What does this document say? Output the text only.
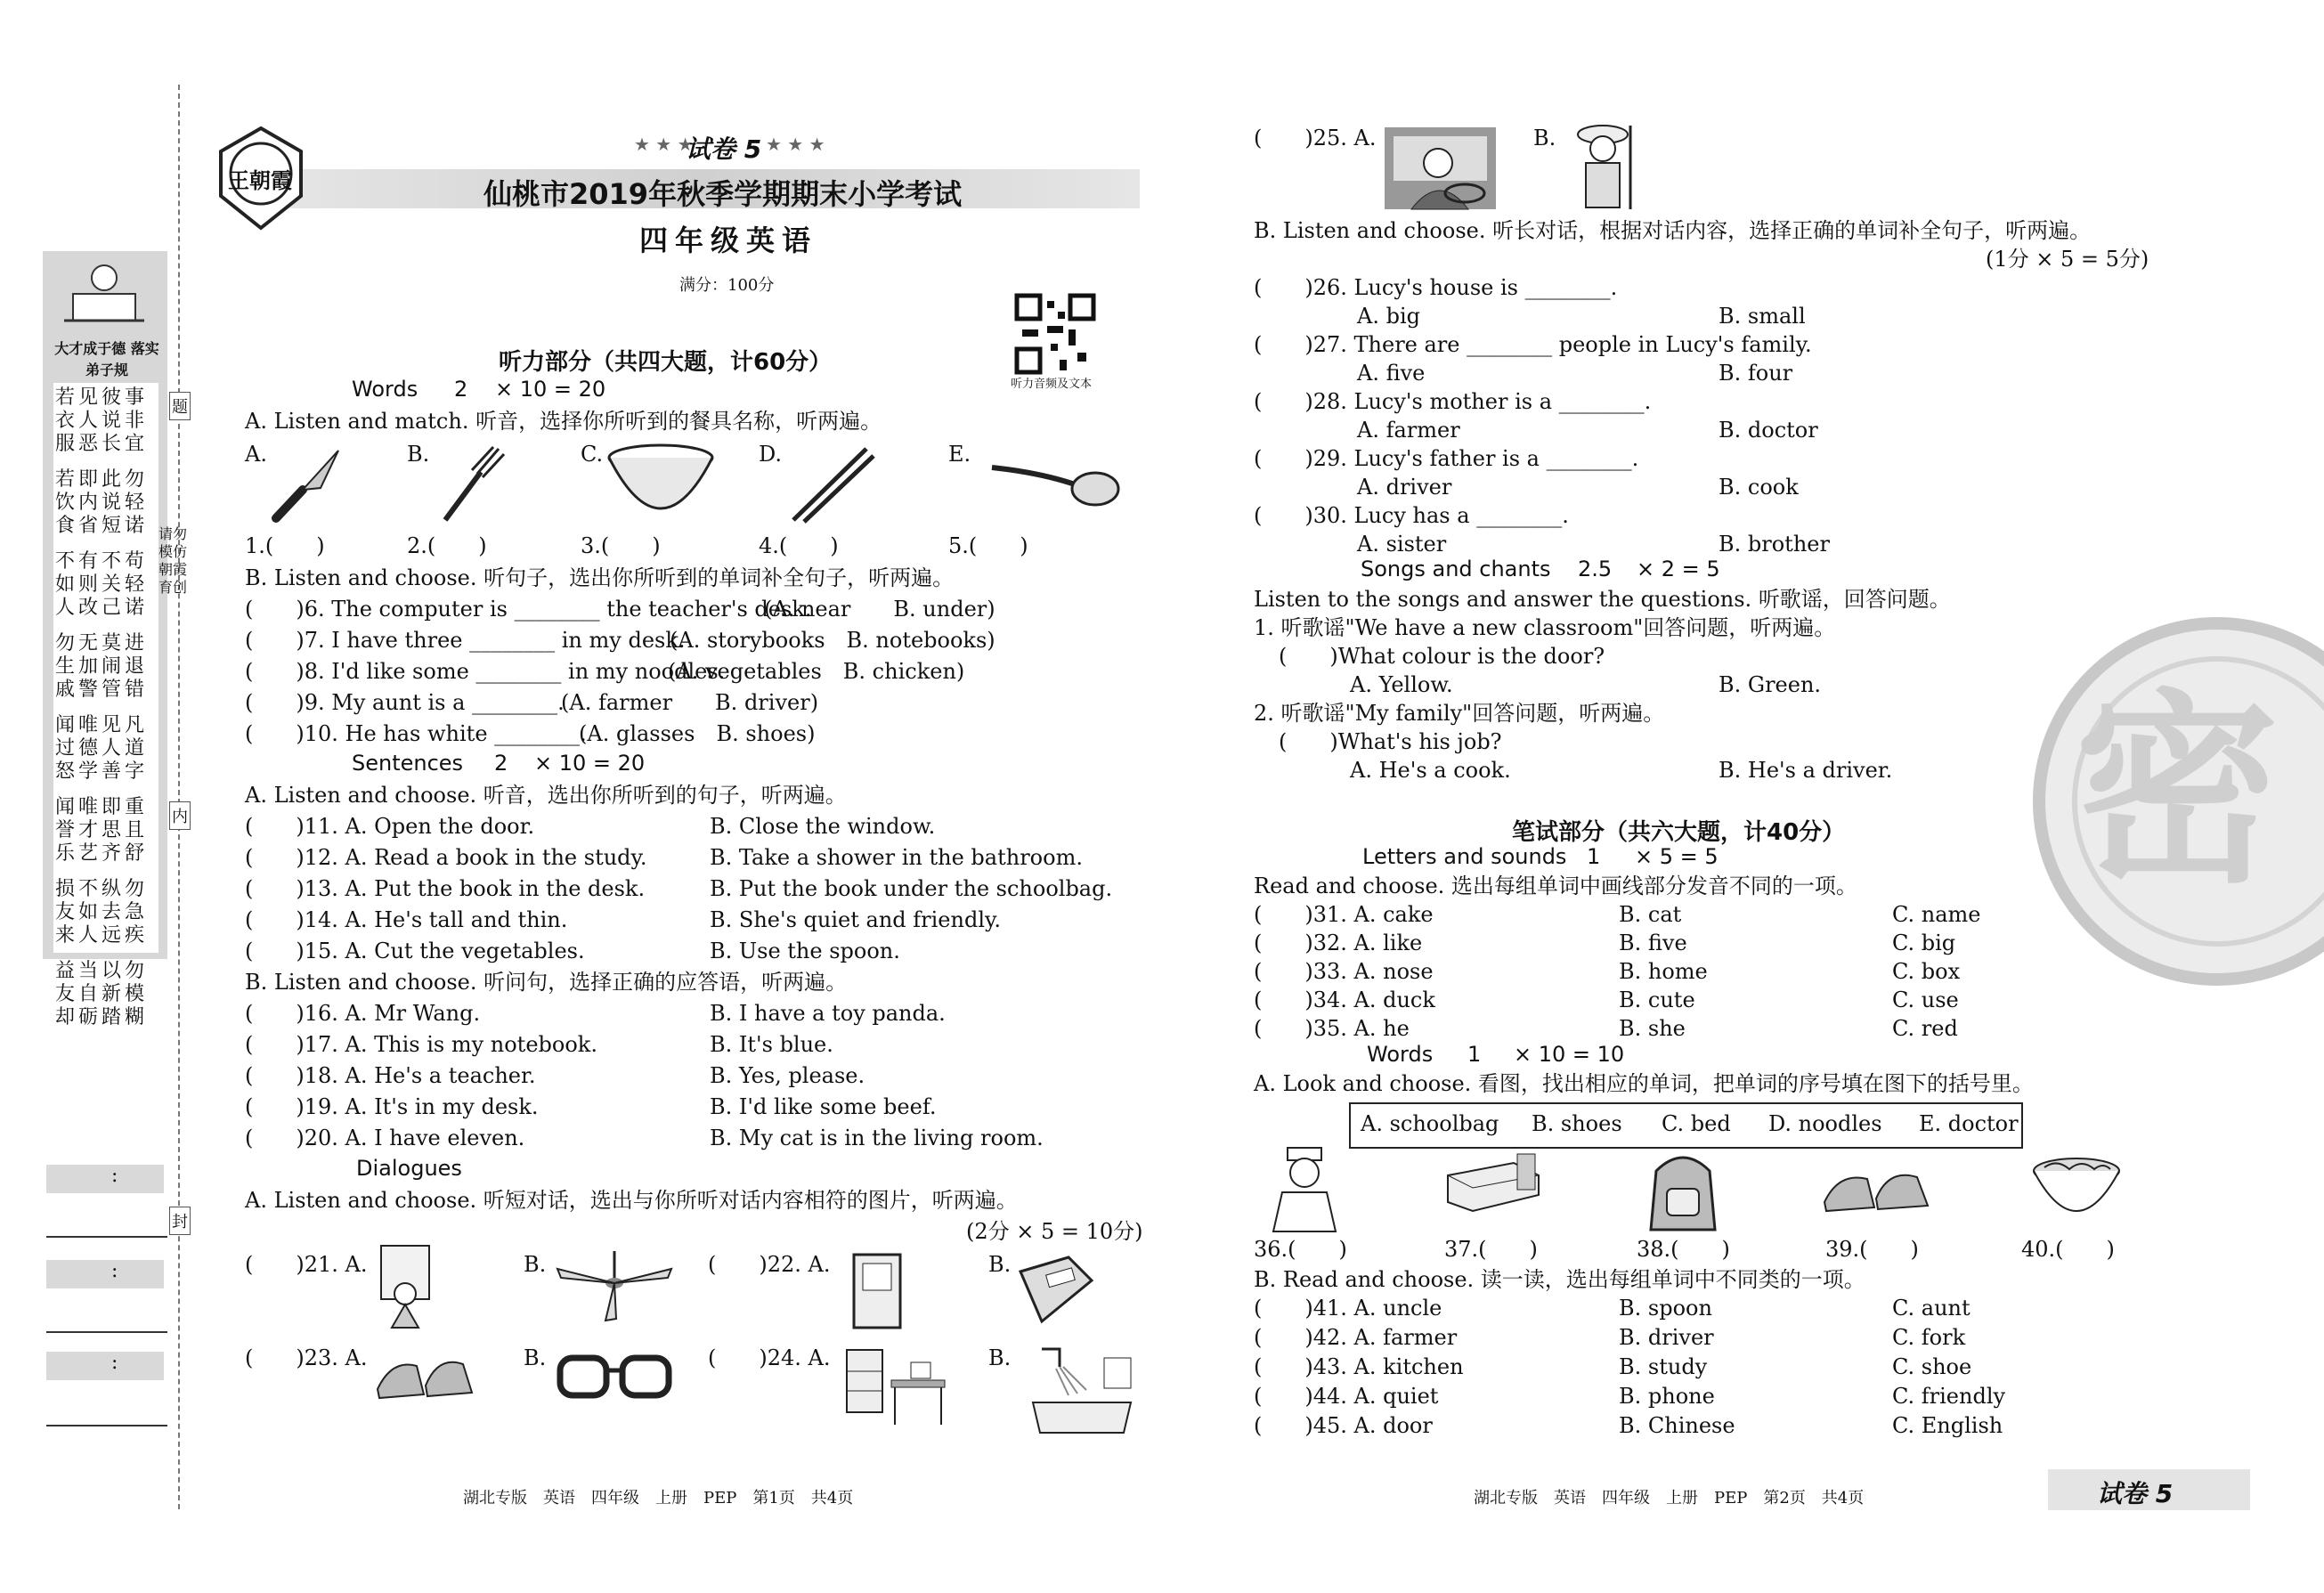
大才成于德 落实弟子规
若见彼事
衣人说非
服恶长宜
若即此勿
饮内说轻
食省短诺
不有不苟
如则关轻
人改己诺
勿无莫进
生加闹退
戚警管错
闻唯见凡
过德人道
怒学善字
闻唯即重
誉才思且
乐艺齐舒
损不纵勿
友如去急
来人远疾
益当以勿
友自新模
却砺踏糊
题
请勿模仿 朝霞育创
内
封
:
:
:
王朝霞
★ ★ ★
试卷 5 ★ ★ ★
仙桃市2019年秋季学期期末小学考试
四年级英语
满分：100分
听力音频及文本
听力部分（共四大题，计60分）
Words 2 × 10 = 20
A. Listen and match. 听音，选择你所听到的餐具名称，听两遍。
A.	B.	C.	D.	E.
1.(　　)	2.(　　)	3.(　　)	4.(　　)	5.(　　)
B. Listen and choose. 听句子，选出你所听到的单词补全句子，听两遍。
(　　)6. The computer is ________ the teacher's desk.
(A. near　　B. under)
(　　)7. I have three ________ in my desk.
(A. storybooks　B. notebooks)
(　　)8. I'd like some ________ in my noodles.
(A. vegetables　B. chicken)
(　　)9. My aunt is a ________.
(A. farmer　　B. driver)
(　　)10. He has white ________.
(A. glasses　B. shoes)
Sentences 2 × 10 = 20
A. Listen and choose. 听音，选出你所听到的句子，听两遍。
(　　)11. A. Open the door.	B. Close the window.
(　　)12. A. Read a book in the study.	B. Take a shower in the bathroom.
(　　)13. A. Put the book in the desk.	B. Put the book under the schoolbag.
(　　)14. A. He's tall and thin.	B. She's quiet and friendly.
(　　)15. A. Cut the vegetables.	B. Use the spoon.
B. Listen and choose. 听问句，选择正确的应答语，听两遍。
(　　)16. A. Mr Wang.	B. I have a toy panda.
(　　)17. A. This is my notebook.	B. It's blue.
(　　)18. A. He's a teacher.	B. Yes, please.
(　　)19. A. It's in my desk.	B. I'd like some beef.
(　　)20. A. I have eleven.	B. My cat is in the living room.
Dialogues
A. Listen and choose. 听短对话，选出与你所听对话内容相符的图片，听两遍。
(2分 × 5 = 10分)
(　　)21. A.	B.	(　　)22. A.	B.
(　　)23. A.	B.	(　　)24. A.	B.
湖北专版　英语　四年级　上册　PEP　第1页　共4页
密
(　　)25. A.	B.
B. Listen and choose. 听长对话，根据对话内容，选择正确的单词补全句子，听两遍。
(1分 × 5 = 5分)
(　　)26. Lucy's house is ________.
A. big	B. small
(　　)27. There are ________ people in Lucy's family.
A. five	B. four
(　　)28. Lucy's mother is a ________.
A. farmer	B. doctor
(　　)29. Lucy's father is a ________.
A. driver	B. cook
(　　)30. Lucy has a ________.
A. sister	B. brother
Songs and chants 2.5 × 2 = 5
Listen to the songs and answer the questions. 听歌谣，回答问题。
1. 听歌谣"We have a new classroom"回答问题，听两遍。
(　　)What colour is the door?
A. Yellow.	B. Green.
2. 听歌谣"My family"回答问题，听两遍。
(　　)What's his job?
A. He's a cook.	B. He's a driver.
笔试部分（共六大题，计40分）
Letters and sounds 1 × 5 = 5
Read and choose. 选出每组单词中画线部分发音不同的一项。
(　　)31. A. cake	B. cat	C. name
(　　)32. A. like	B. five	C. big
(　　)33. A. nose	B. home	C. box
(　　)34. A. duck	B. cute	C. use
(　　)35. A. he	B. she	C. red
Words 1 × 10 = 10
A. Look and choose. 看图，找出相应的单词，把单词的序号填在图下的括号里。
A. schoolbag B. shoes C. bed D. noodles E. doctor
36.(　　)	37.(　　)	38.(　　)	39.(　　)	40.(　　)
B. Read and choose. 读一读，选出每组单词中不同类的一项。
(　　)41. A. uncle	B. spoon	C. aunt
(　　)42. A. farmer	B. driver	C. fork
(　　)43. A. kitchen	B. study	C. shoe
(　　)44. A. quiet	B. phone	C. friendly
(　　)45. A. door	B. Chinese	C. English
湖北专版　英语　四年级　上册　PEP　第2页　共4页	试卷 5
